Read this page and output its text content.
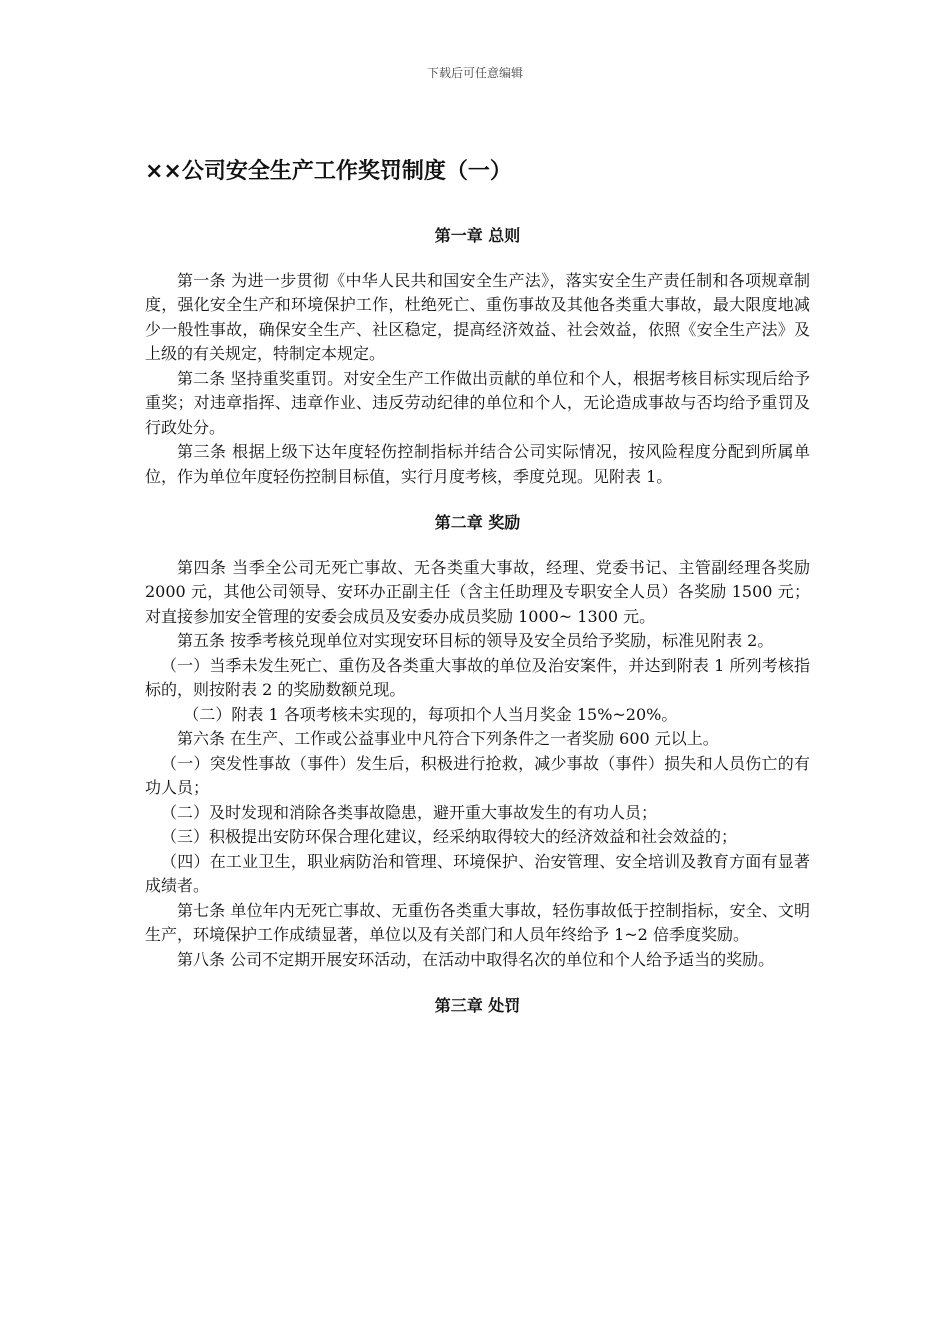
下载后可任意编辑
××公司安全生产工作奖罚制度（一）
第一章 总则

第一条 为进一步贯彻《中华人民共和国安全生产法》，落实安全生产责任制和各项规章制度，强化安全生产和环境保护工作，杜绝死亡、重伤事故及其他各类重大事故，最大限度地减少一般性事故，确保安全生产、社区稳定，提高经济效益、社会效益，依照《安全生产法》及上级的有关规定，特制定本规定。

第二条 坚持重奖重罚。对安全生产工作做出贡献的单位和个人，根据考核目标实现后给予重奖；对违章指挥、违章作业、违反劳动纪律的单位和个人，无论造成事故与否均给予重罚及行政处分。

第三条 根据上级下达年度轻伤控制指标并结合公司实际情况，按风险程度分配到所属单位，作为单位年度轻伤控制目标值，实行月度考核，季度兑现。见附表 1。

第二章 奖励

第四条 当季全公司无死亡事故、无各类重大事故，经理、党委书记、主管副经理各奖励 2000 元，其他公司领导、安环办正副主任（含主任助理及专职安全人员）各奖励 1500 元；对直接参加安全管理的安委会成员及安委办成员奖励 1000~ 1300 元。

第五条 按季考核兑现单位对实现安环目标的领导及安全员给予奖励，标准见附表 2。

（一）当季未发生死亡、重伤及各类重大事故的单位及治安案件，并达到附表 1 所列考核指标的，则按附表 2 的奖励数额兑现。

（二）附表 1 各项考核未实现的，每项扣个人当月奖金 15%~20%。

第六条 在生产、工作或公益事业中凡符合下列条件之一者奖励 600 元以上。

（一）突发性事故（事件）发生后，积极进行抢救，减少事故（事件）损失和人员伤亡的有功人员；

（二）及时发现和消除各类事故隐患，避开重大事故发生的有功人员；

（三）积极提出安防环保合理化建议，经采纳取得较大的经济效益和社会效益的；

（四）在工业卫生，职业病防治和管理、环境保护、治安管理、安全培训及教育方面有显著成绩者。

第七条 单位年内无死亡事故、无重伤各类重大事故，轻伤事故低于控制指标，安全、文明生产，环境保护工作成绩显著，单位以及有关部门和人员年终给予 1~2 倍季度奖励。

第八条 公司不定期开展安环活动，在活动中取得名次的单位和个人给予适当的奖励。

第三章 处罚
